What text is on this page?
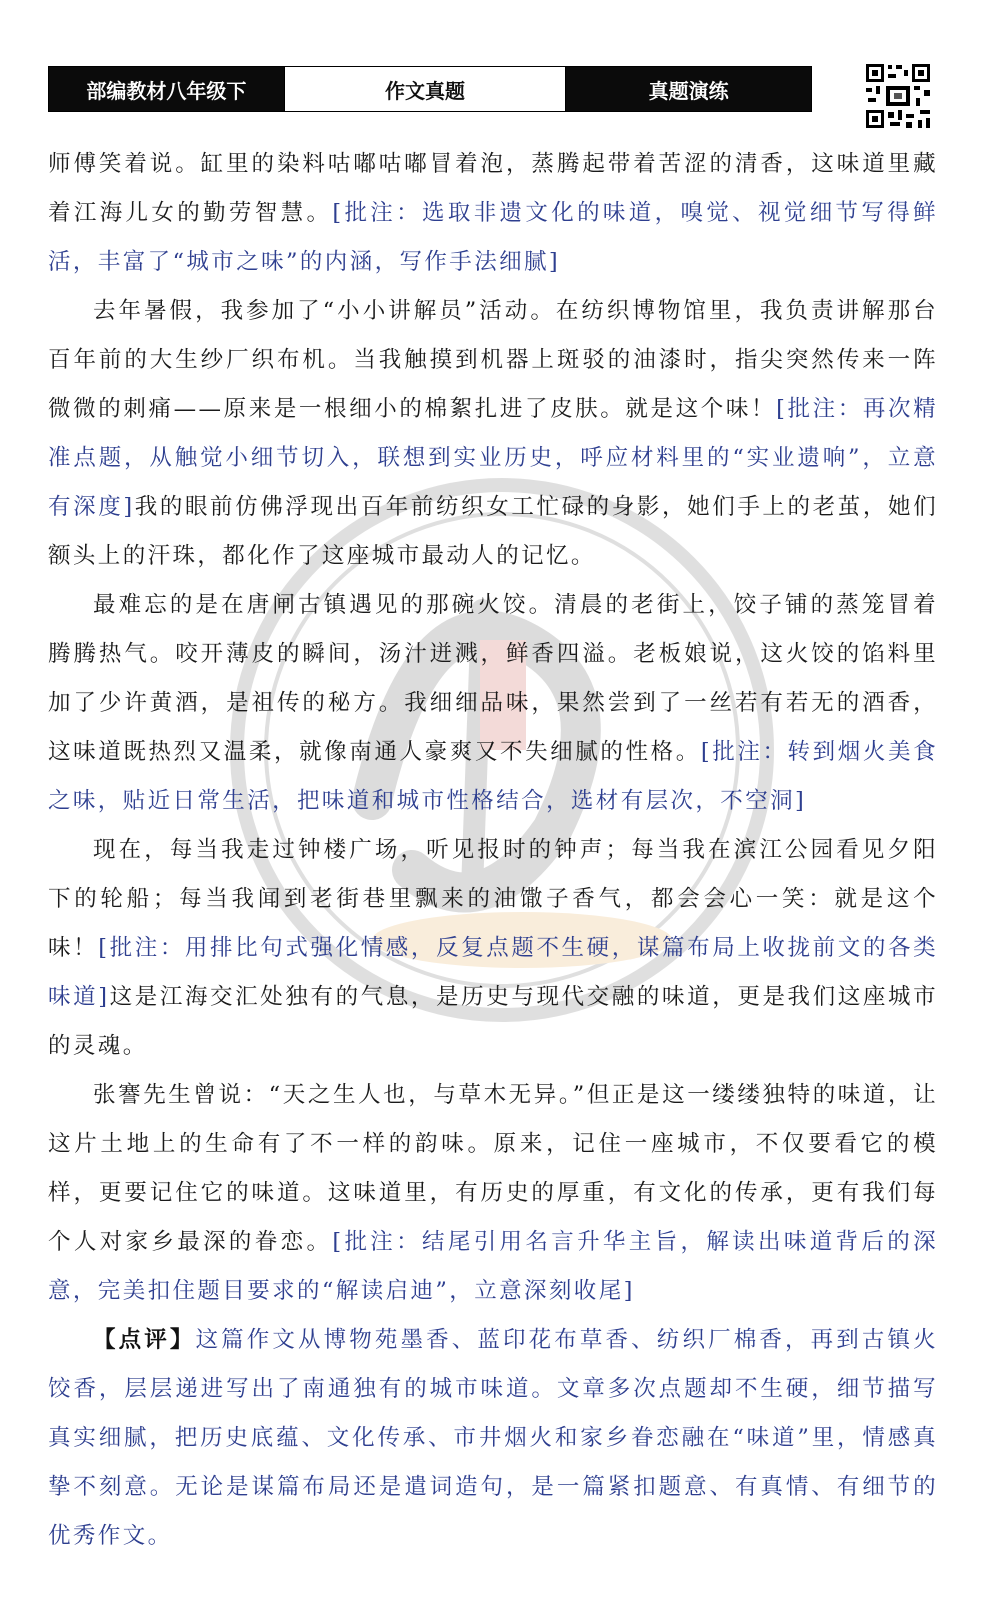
部编教材八年级下	作文真题	真题演练

师傅笑着说。缸里的染料咕嘟咕嘟冒着泡，蒸腾起带着苦涩的清香，这味道里藏着江海儿女的勤劳智慧。[批注：选取非遗文化的味道，嗅觉、视觉细节写得鲜活，丰富了“城市之味”的内涵，写作手法细腻]

去年暑假，我参加了“小小讲解员”活动。在纺织博物馆里，我负责讲解那台百年前的大生纱厂织布机。当我触摸到机器上斑驳的油漆时，指尖突然传来一阵微微的刺痛——原来是一根细小的棉絮扎进了皮肤。就是这个味！[批注：再次精准点题，从触觉小细节切入，联想到实业历史，呼应材料里的“实业遗响”，立意有深度]我的眼前仿佛浮现出百年前纺织女工忙碌的身影，她们手上的老茧，她们额头上的汗珠，都化作了这座城市最动人的记忆。

最难忘的是在唐闸古镇遇见的那碗火饺。清晨的老街上，饺子铺的蒸笼冒着腾腾热气。咬开薄皮的瞬间，汤汁迸溅，鲜香四溢。老板娘说，这火饺的馅料里加了少许黄酒，是祖传的秘方。我细细品味，果然尝到了一丝若有若无的酒香，这味道既热烈又温柔，就像南通人豪爽又不失细腻的性格。[批注：转到烟火美食之味，贴近日常生活，把味道和城市性格结合，选材有层次，不空洞]

现在，每当我走过钟楼广场，听见报时的钟声；每当我在滨江公园看见夕阳下的轮船；每当我闻到老街巷里飘来的油馓子香气，都会会心一笑：就是这个味！[批注：用排比句式强化情感，反复点题不生硬，谋篇布局上收拢前文的各类味道]这是江海交汇处独有的气息，是历史与现代交融的味道，更是我们这座城市的灵魂。

张謇先生曾说：“天之生人也，与草木无异。”但正是这一缕缕独特的味道，让这片土地上的生命有了不一样的韵味。原来，记住一座城市，不仅要看它的模样，更要记住它的味道。这味道里，有历史的厚重，有文化的传承，更有我们每个人对家乡最深的眷恋。[批注：结尾引用名言升华主旨，解读出味道背后的深意，完美扣住题目要求的“解读启迪”，立意深刻收尾]

【点评】这篇作文从博物苑墨香、蓝印花布草香、纺织厂棉香，再到古镇火饺香，层层递进写出了南通独有的城市味道。文章多次点题却不生硬，细节描写真实细腻，把历史底蕴、文化传承、市井烟火和家乡眷恋融在“味道”里，情感真挚不刻意。无论是谋篇布局还是遣词造句，是一篇紧扣题意、有真情、有细节的优秀作文。
